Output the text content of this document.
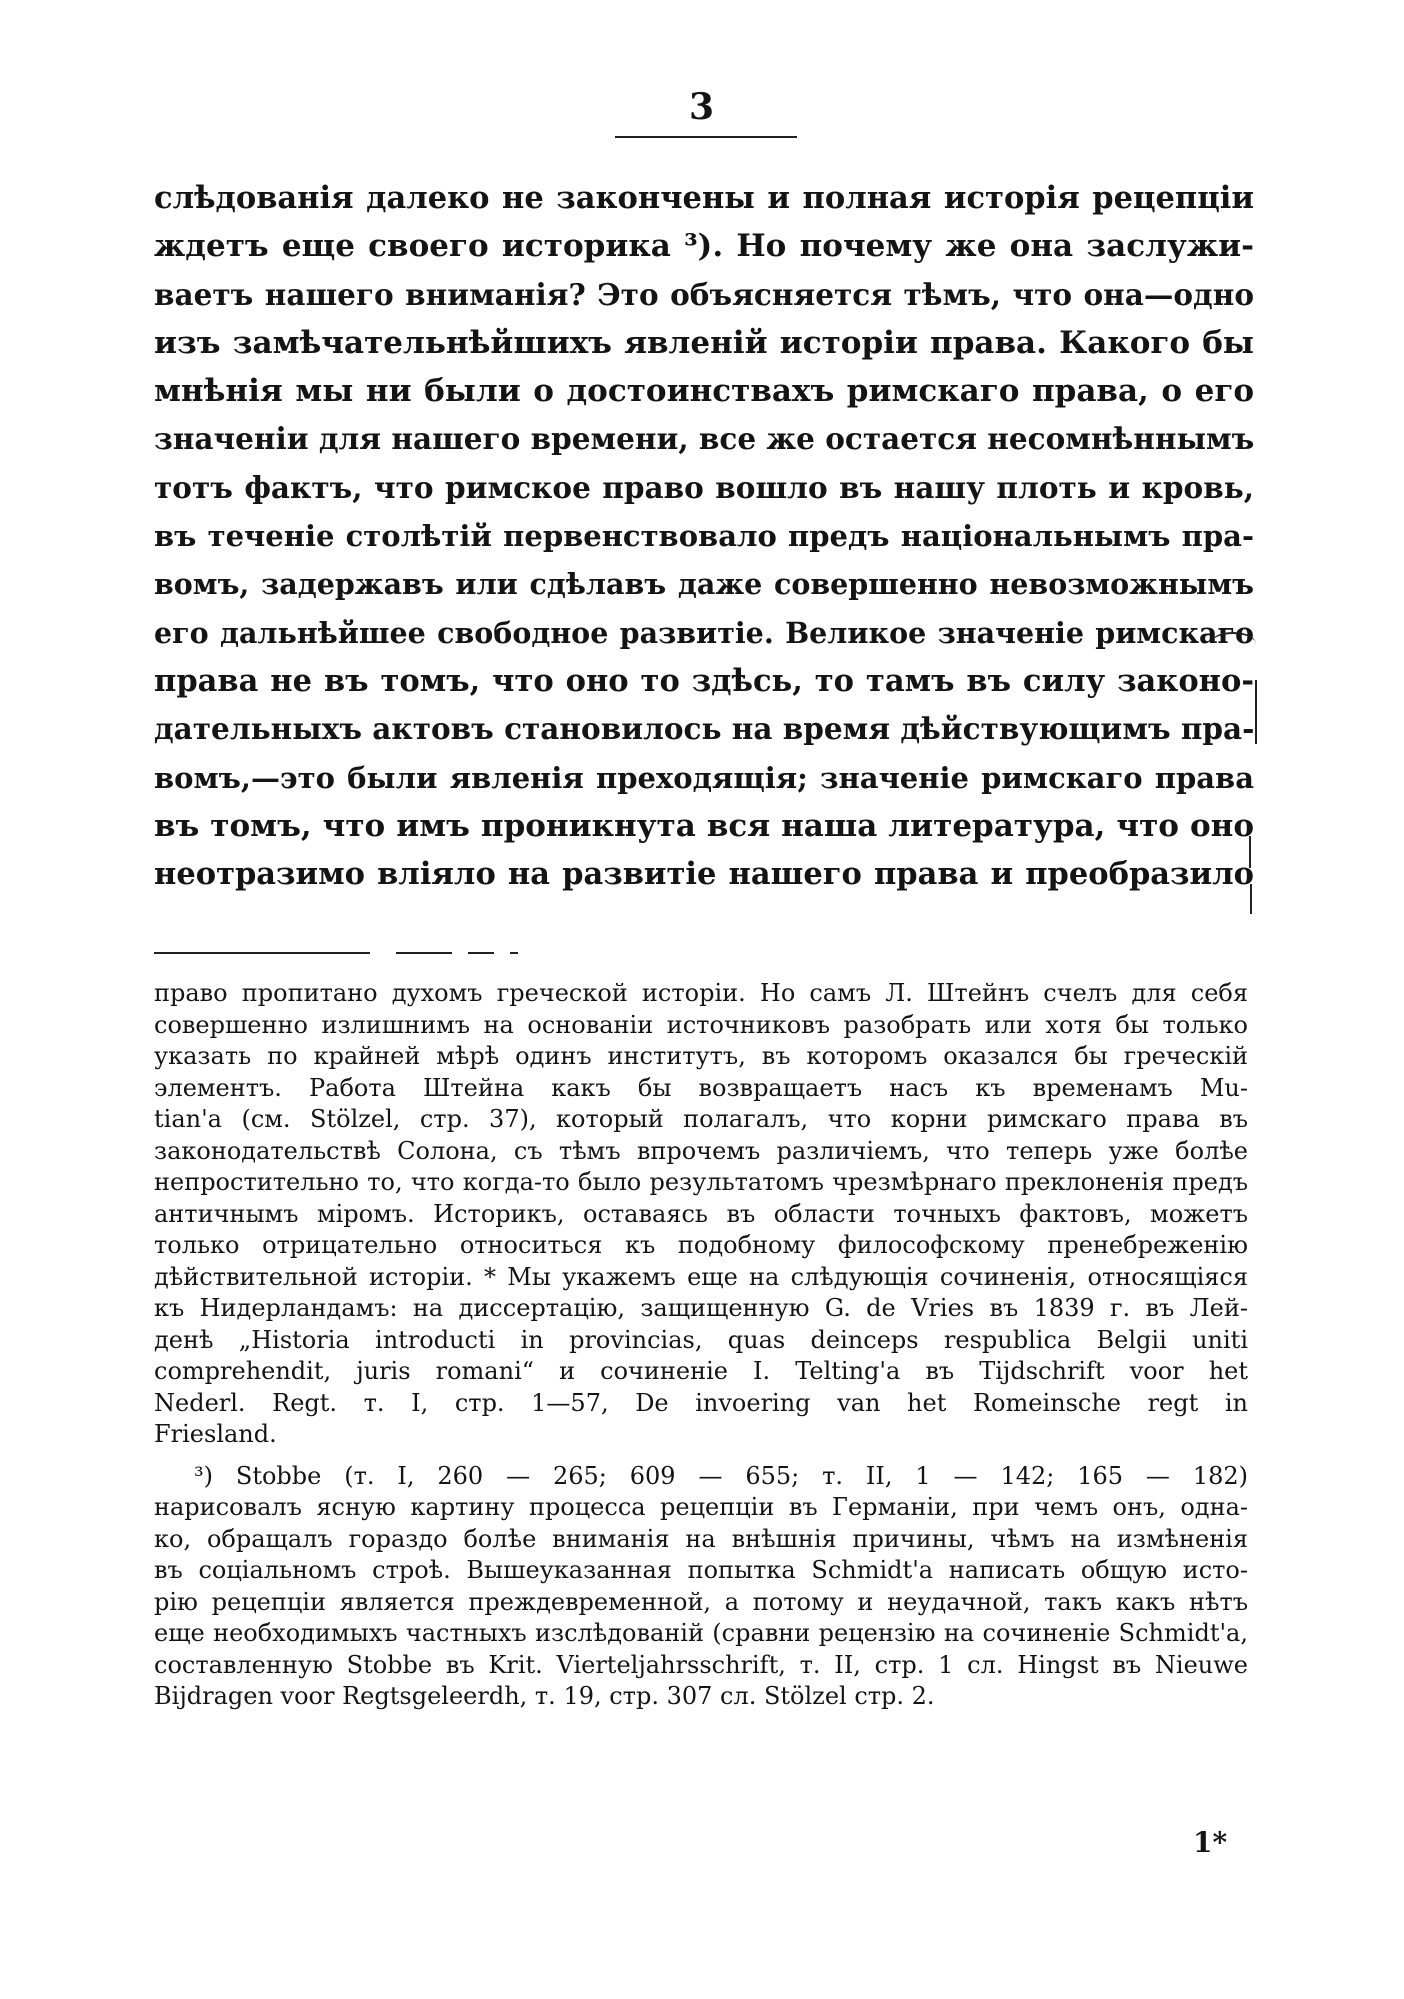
3
слѣдованія далеко не закончены и полная исторія рецепціи
ждетъ еще своего историка ³). Но почему же она заслужи-
ваетъ нашего вниманія? Это объясняется тѣмъ, что она—одно
изъ замѣчательнѣйшихъ явленій исторіи права. Какого бы
мнѣнія мы ни были о достоинствахъ римскаго права, о его
значеніи для нашего времени, все же остается несомнѣннымъ
тотъ фактъ, что римское право вошло въ нашу плоть и кровь,
въ теченіе столѣтій первенствовало предъ національнымъ пра-
вомъ, задержавъ или сдѣлавъ даже совершенно невозможнымъ
его дальнѣйшее свободное развитіе. Великое значеніе римскаго
права не въ томъ, что оно то здѣсь, то тамъ въ силу законо-
дательныхъ актовъ становилось на время дѣйствующимъ пра-
вомъ,—это были явленія преходящія; значеніе римскаго права
въ томъ, что имъ проникнута вся наша литература, что оно
неотразимо вліяло на развитіе нашего права и преобразило
право пропитано духомъ греческой исторіи. Но самъ Л. Штейнъ счелъ для себя
совершенно излишнимъ на основаніи источниковъ разобрать или хотя бы только
указать по крайней мѣрѣ одинъ институтъ, въ которомъ оказался бы греческій
элементъ. Работа Штейна какъ бы возвращаетъ насъ къ временамъ Mu-
tian'a (см. Stölzel, стр. 37), который полагалъ, что корни римскаго права въ
законодательствѣ Солона, съ тѣмъ впрочемъ различіемъ, что теперь уже болѣе
непростительно то, что когда-то было результатомъ чрезмѣрнаго преклоненія предъ
античнымъ міромъ. Историкъ, оставаясь въ области точныхъ фактовъ, можетъ
только отрицательно относиться къ подобному философскому пренебреженію
дѣйствительной исторіи. * Мы укажемъ еще на слѣдующія сочиненія, относящіяся
къ Нидерландамъ: на диссертацію, защищенную G. de Vries въ 1839 г. въ Лей-
денѣ „Historia introducti in provincias, quas deinceps respublica Belgii uniti
comprehendit, juris romani“ и сочиненіе I. Telting'a въ Tijdschrift voor het
Nederl. Regt. т. I, стр. 1—57, De invoering van het Romeinsche regt in
Friesland.
³) Stobbe (т. I, 260 — 265; 609 — 655; т. II, 1 — 142; 165 — 182)
нарисовалъ ясную картину процесса рецепціи въ Германіи, при чемъ онъ, одна-
ко, обращалъ гораздо болѣе вниманія на внѣшнія причины, чѣмъ на измѣненія
въ соціальномъ строѣ. Вышеуказанная попытка Schmidt'a написать общую исто-
рію рецепціи является преждевременной, а потому и неудачной, такъ какъ нѣтъ
еще необходимыхъ частныхъ изслѣдованій (сравни рецензію на сочиненіе Schmidt'a,
составленную Stobbe въ Krit. Vierteljahrsschrift, т. II, стр. 1 сл. Hingst въ Nieuwe
Bijdragen voor Regtsgeleerdh, т. 19, стр. 307 сл. Stölzel стр. 2.
1*
